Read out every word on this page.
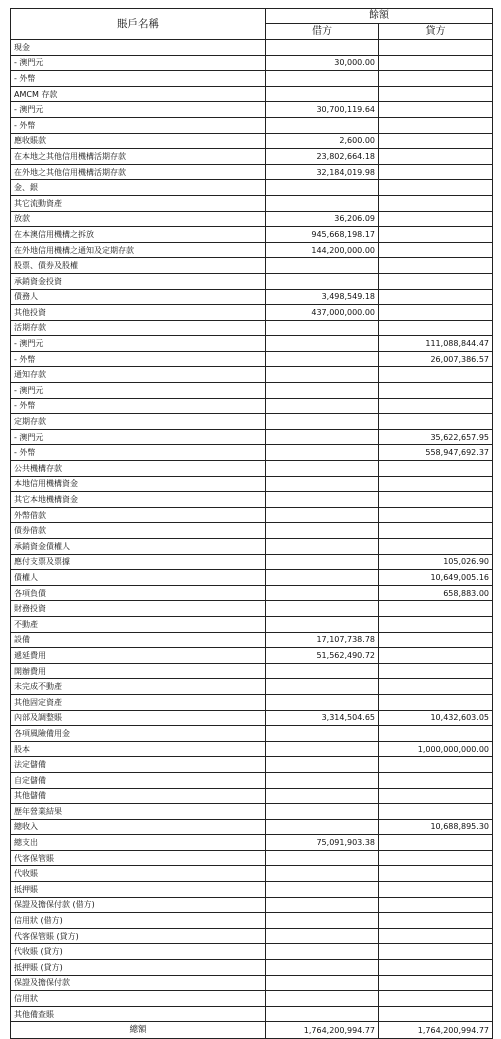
賬戶名稱	餘額	
	借方	貸方
現金		
- 澳門元	30,000.00	
- 外幣		
AMCM 存款		
- 澳門元	30,700,119.64	
- 外幣		
應收賬款	2,600.00	
在本地之其他信用機構活期存款	23,802,664.18	
在外地之其他信用機構活期存款	32,184,019.98	
金、銀		
其它流動資產		
放款	36,206.09	
在本澳信用機構之拆放	945,668,198.17	
在外地信用機構之通知及定期存款	144,200,000.00	
股票、債券及股權		
承銷資金投資		
債務人	3,498,549.18	
其他投資	437,000,000.00	
活期存款		
- 澳門元		111,088,844.47
- 外幣		26,007,386.57
通知存款		
- 澳門元		
- 外幣		
定期存款		
- 澳門元		35,622,657.95
- 外幣		558,947,692.37
公共機構存款		
本地信用機構資金		
其它本地機構資金		
外幣借款		
債券借款		
承銷資金債權人		
應付支票及票據		105,026.90
債權人		10,649,005.16
各項負債		658,883.00
財務投資		
不動產		
設備	17,107,738.78	
遞延費用	51,562,490.72	
開辦費用		
未完成不動產		
其他固定資產		
內部及調整賬	3,314,504.65	10,432,603.05
各項風險備用金		
股本		1,000,000,000.00
法定儲備		
自定儲備		
其他儲備		
歷年營業結果		
總收入		10,688,895.30
總支出	75,091,903.38	
代客保管賬		
代收賬		
抵押賬		
保證及擔保付款 (借方)		
信用狀 (借方)		
代客保管賬 (貸方)		
代收賬 (貸方)		
抵押賬 (貸方)		
保證及擔保付款		
信用狀		
其他備查賬		
總額	1,764,200,994.77	1,764,200,994.77
